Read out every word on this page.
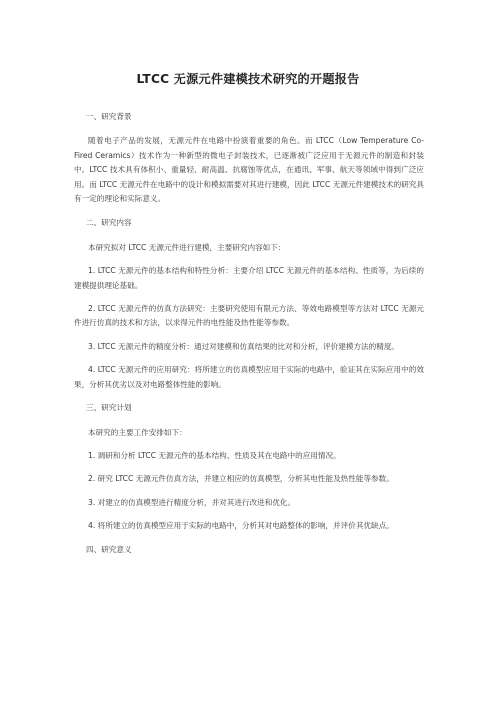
LTCC 无源元件建模技术研究的开题报告
一、研究背景

随着电子产品的发展，无源元件在电路中扮演着重要的角色。而 LTCC（Low Temperature Co-Fired Ceramics）技术作为一种新型的微电子封装技术，已逐渐被广泛应用于无源元件的制造和封装中。LTCC 技术具有体积小、重量轻、耐高温、抗腐蚀等优点，在通讯、军事、航天等领域中得到广泛应用。而 LTCC 无源元件在电路中的设计和模拟需要对其进行建模，因此 LTCC 无源元件建模技术的研究具有一定的理论和实际意义。

二、研究内容

本研究拟对 LTCC 无源元件进行建模，主要研究内容如下：

1. LTCC 无源元件的基本结构和特性分析：主要介绍 LTCC 无源元件的基本结构、性质等，为后续的建模提供理论基础。

2. LTCC 无源元件的仿真方法研究：主要研究使用有限元方法、等效电路模型等方法对 LTCC 无源元件进行仿真的技术和方法，以求得元件的电性能及热性能等参数。

3. LTCC 无源元件的精度分析：通过对建模和仿真结果的比对和分析，评价建模方法的精度。

4. LTCC 无源元件的应用研究：将所建立的仿真模型应用于实际的电路中，验证其在实际应用中的效果，分析其优劣以及对电路整体性能的影响。

三、研究计划

本研究的主要工作安排如下：

1. 调研和分析 LTCC 无源元件的基本结构、性质及其在电路中的应用情况。

2. 研究 LTCC 无源元件仿真方法，并建立相应的仿真模型，分析其电性能及热性能等参数。

3. 对建立的仿真模型进行精度分析，并对其进行改进和优化。

4. 将所建立的仿真模型应用于实际的电路中，分析其对电路整体的影响，并评价其优缺点。

四、研究意义
